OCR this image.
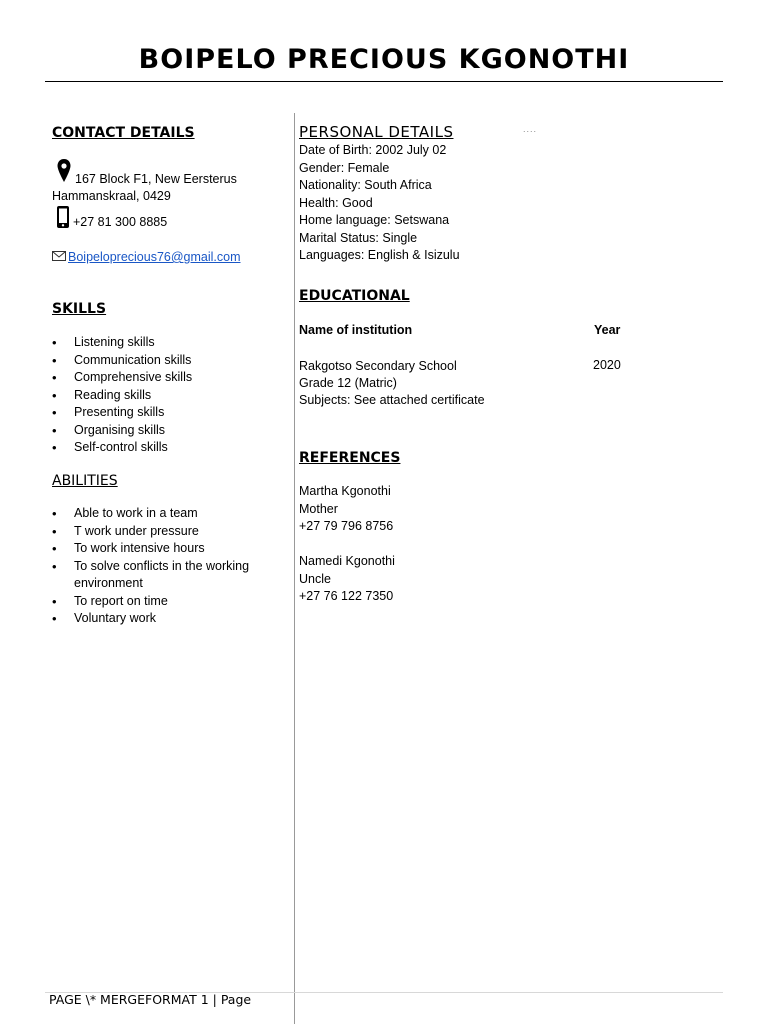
BOIPELO PRECIOUS KGONOTHI
CONTACT DETAILS
167 Block F1, New Eersterus
Hammanskraal, 0429
+27 81 300 8885
Boipeloprecious76@gmail.com
SKILLS
• Listening skills
• Communication skills
• Comprehensive skills
• Reading skills
• Presenting skills
• Organising skills
• Self-control skills
ABILITIES
• Able to work in a team
• T work under pressure
• To work intensive hours
• To solve conflicts in the working environment
• To report on time
• Voluntary work
PERSONAL DETAILS	....
Date of Birth: 2002 July 02
Gender: Female
Nationality: South Africa
Health: Good
Home language: Setswana
Marital Status: Single
Languages: English & Isizulu
EDUCATIONAL
Name of institution	Year
Rakgotso Secondary School	2020
Grade 12 (Matric)
Subjects: See attached certificate
REFERENCES
Martha Kgonothi
Mother
+27 79 796 8756
Namedi Kgonothi
Uncle
+27 76 122 7350
PAGE \* MERGEFORMAT 1 | Page
